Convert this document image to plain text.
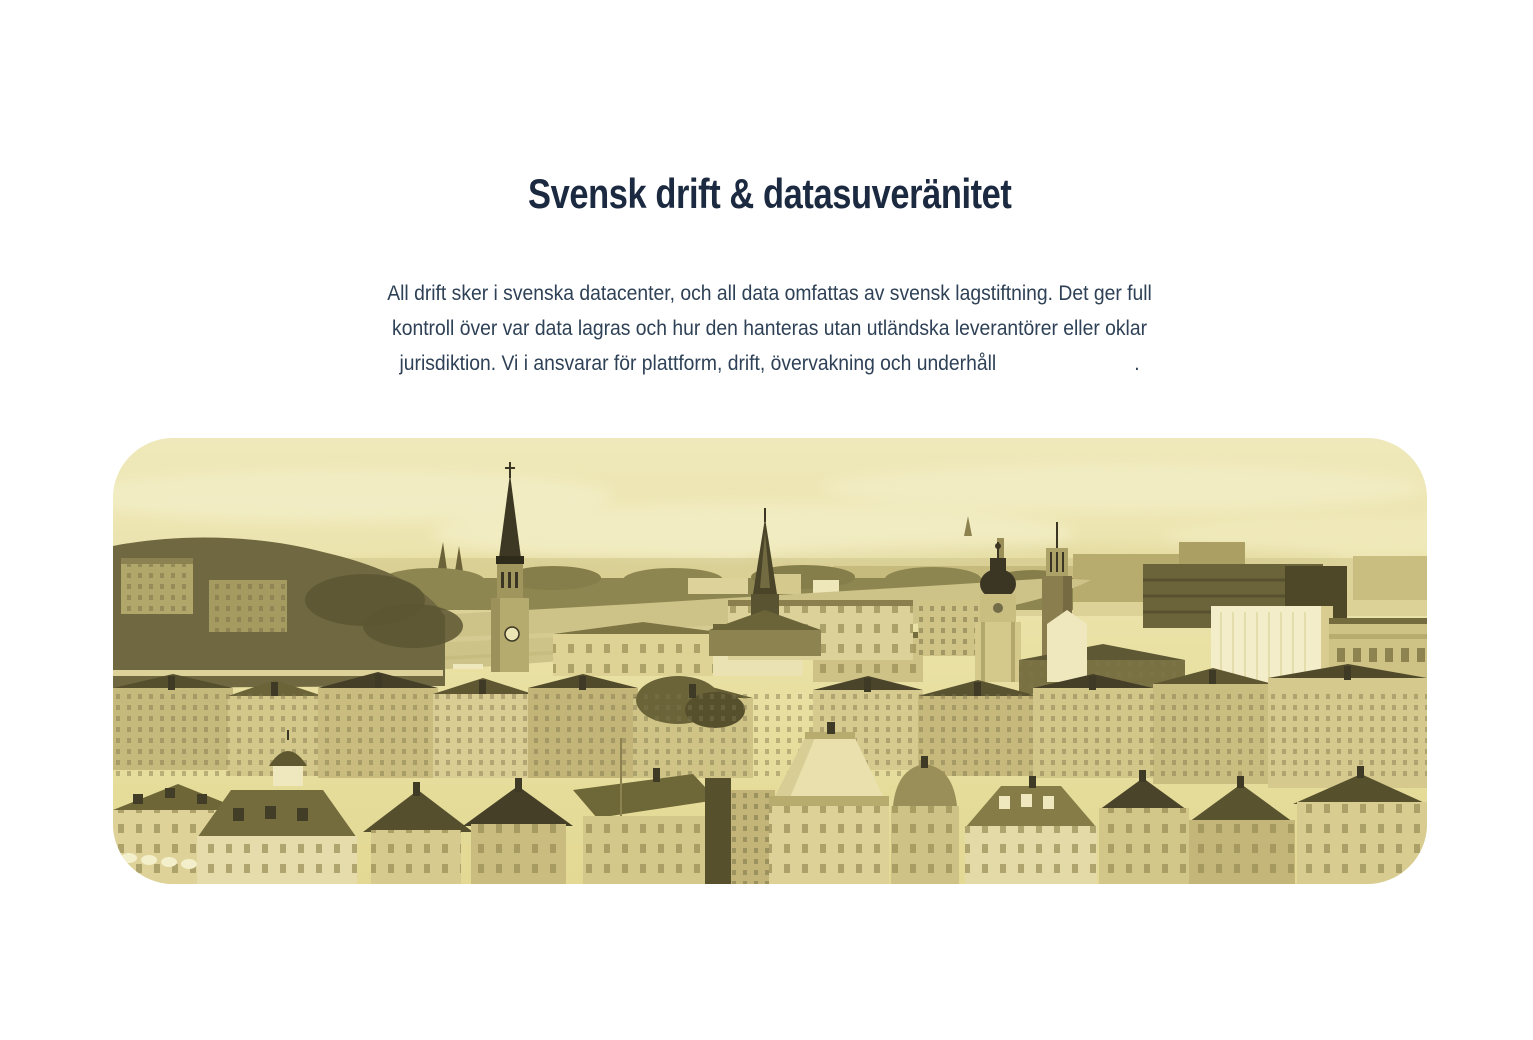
Svensk drift & datasuveränitet

All drift sker i svenska datacenter, och all data omfattas av svensk lagstiftning. Det ger full
kontroll över var data lagras och hur den hanteras utan utländska leverantörer eller oklar
jurisdiktion. Vi i ansvarar för plattform, drift, övervakning och underhåll	.
